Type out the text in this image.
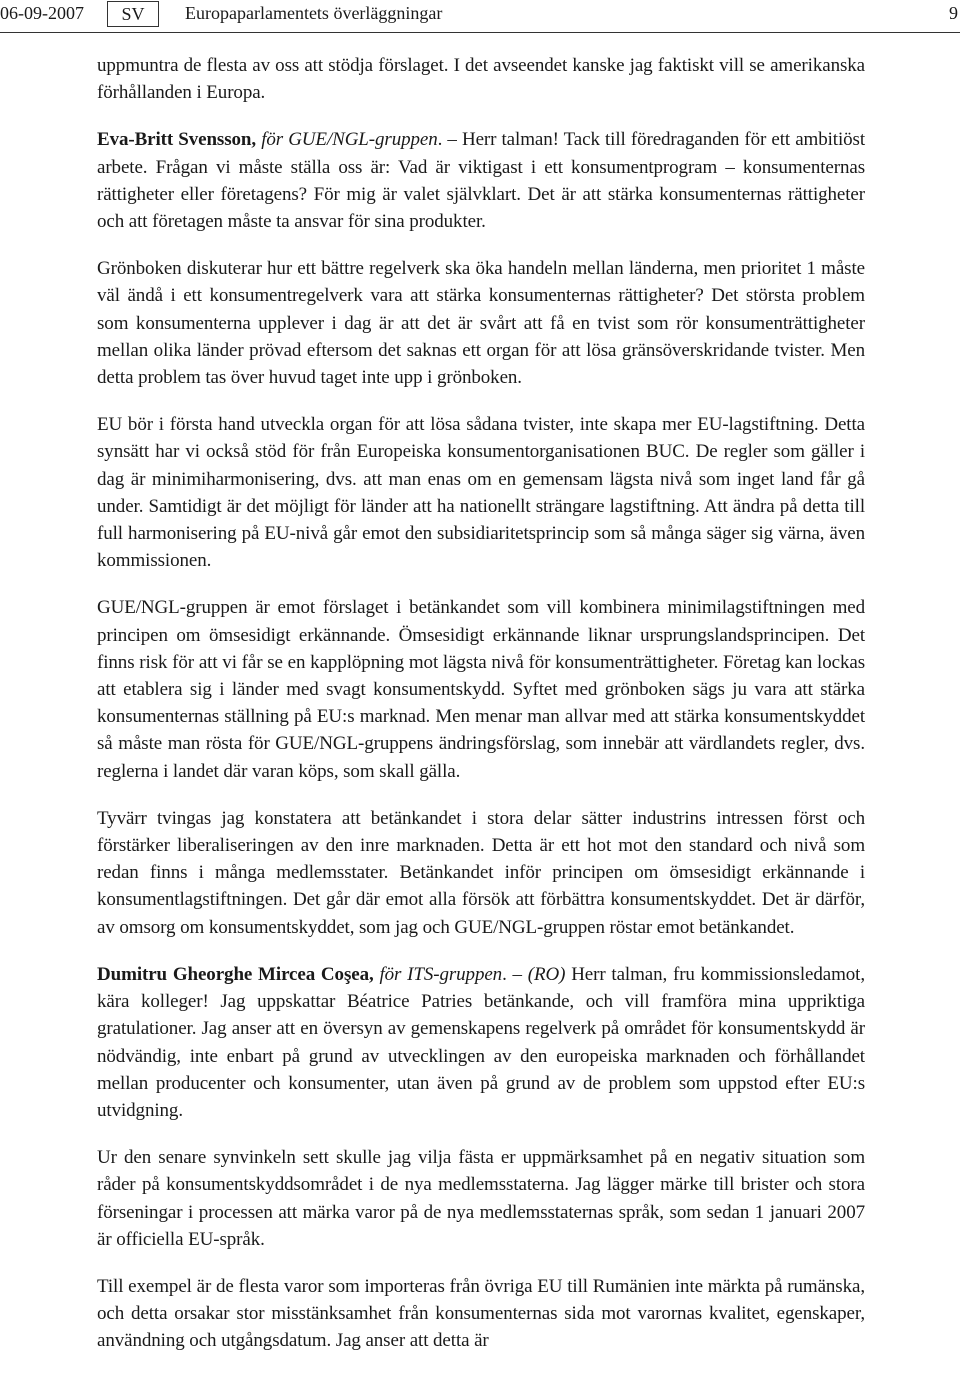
06-09-2007	SV	Europaparlamentets överläggningar	9

uppmuntra de flesta av oss att stödja förslaget. I det avseendet kanske jag faktiskt vill se amerikanska förhållanden i Europa.

Eva-Britt Svensson, för GUE/NGL-gruppen. – Herr talman! Tack till föredraganden för ett ambitiöst arbete. Frågan vi måste ställa oss är: Vad är viktigast i ett konsumentprogram – konsumenternas rättigheter eller företagens? För mig är valet självklart. Det är att stärka konsumenternas rättigheter och att företagen måste ta ansvar för sina produkter.

Grönboken diskuterar hur ett bättre regelverk ska öka handeln mellan länderna, men prioritet 1 måste väl ändå i ett konsumentregelverk vara att stärka konsumenternas rättigheter? Det största problem som konsumenterna upplever i dag är att det är svårt att få en tvist som rör konsumenträttigheter mellan olika länder prövad eftersom det saknas ett organ för att lösa gränsöverskridande tvister. Men detta problem tas över huvud taget inte upp i grönboken.

EU bör i första hand utveckla organ för att lösa sådana tvister, inte skapa mer EU-lagstiftning. Detta synsätt har vi också stöd för från Europeiska konsumentorganisationen BUC. De regler som gäller i dag är minimiharmonisering, dvs. att man enas om en gemensam lägsta nivå som inget land får gå under. Samtidigt är det möjligt för länder att ha nationellt strängare lagstiftning. Att ändra på detta till full harmonisering på EU-nivå går emot den subsidiaritetsprincip som så många säger sig värna, även kommissionen.

GUE/NGL-gruppen är emot förslaget i betänkandet som vill kombinera minimilagstiftningen med principen om ömsesidigt erkännande. Ömsesidigt erkännande liknar ursprungslandsprincipen. Det finns risk för att vi får se en kapplöpning mot lägsta nivå för konsumenträttigheter. Företag kan lockas att etablera sig i länder med svagt konsumentskydd. Syftet med grönboken sägs ju vara att stärka konsumenternas ställning på EU:s marknad. Men menar man allvar med att stärka konsumentskyddet så måste man rösta för GUE/NGL-gruppens ändringsförslag, som innebär att värdlandets regler, dvs. reglerna i landet där varan köps, som skall gälla.

Tyvärr tvingas jag konstatera att betänkandet i stora delar sätter industrins intressen först och förstärker liberaliseringen av den inre marknaden. Detta är ett hot mot den standard och nivå som redan finns i många medlemsstater. Betänkandet inför principen om ömsesidigt erkännande i konsumentlagstiftningen. Det går där emot alla försök att förbättra konsumentskyddet. Det är därför, av omsorg om konsumentskyddet, som jag och GUE/NGL-gruppen röstar emot betänkandet.

Dumitru Gheorghe Mircea Coşea, för ITS-gruppen. – (RO) Herr talman, fru kommissionsledamot, kära kolleger! Jag uppskattar Béatrice Patries betänkande, och vill framföra mina uppriktiga gratulationer. Jag anser att en översyn av gemenskapens regelverk på området för konsumentskydd är nödvändig, inte enbart på grund av utvecklingen av den europeiska marknaden och förhållandet mellan producenter och konsumenter, utan även på grund av de problem som uppstod efter EU:s utvidgning.

Ur den senare synvinkeln sett skulle jag vilja fästa er uppmärksamhet på en negativ situation som råder på konsumentskyddsområdet i de nya medlemsstaterna. Jag lägger märke till brister och stora förseningar i processen att märka varor på de nya medlemsstaternas språk, som sedan 1 januari 2007 är officiella EU-språk.

Till exempel är de flesta varor som importeras från övriga EU till Rumänien inte märkta på rumänska, och detta orsakar stor misstänksamhet från konsumenternas sida mot varornas kvalitet, egenskaper, användning och utgångsdatum. Jag anser att detta är
